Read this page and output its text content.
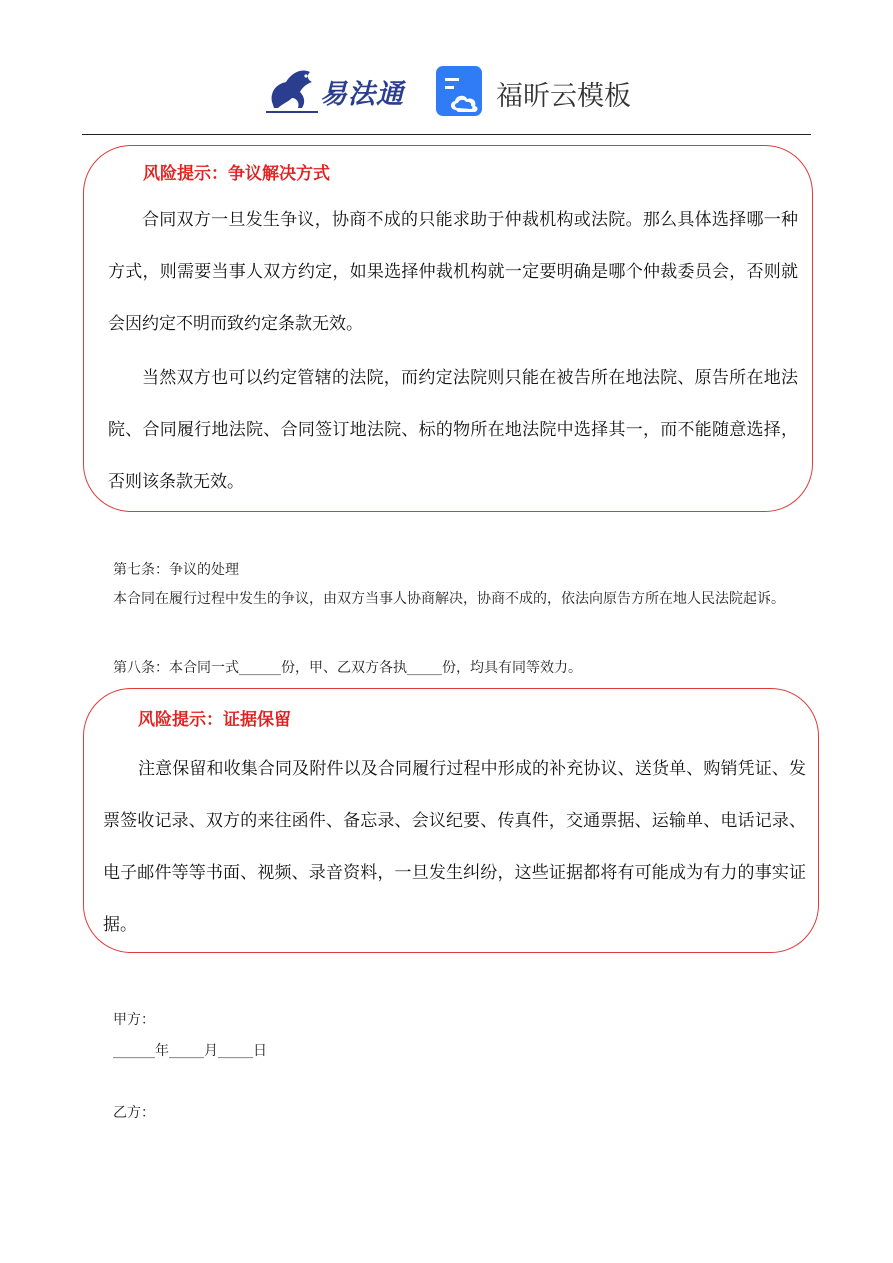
易法通	福昕云模板
风险提示：争议解决方式

合同双方一旦发生争议，协商不成的只能求助于仲裁机构或法院。那么具体选择哪一种方式，则需要当事人双方约定，如果选择仲裁机构就一定要明确是哪个仲裁委员会，否则就会因约定不明而致约定条款无效。

当然双方也可以约定管辖的法院，而约定法院则只能在被告所在地法院、原告所在地法院、合同履行地法院、合同签订地法院、标的物所在地法院中选择其一，而不能随意选择，否则该条款无效。

第七条：争议的处理

本合同在履行过程中发生的争议，由双方当事人协商解决，协商不成的，依法向原告方所在地人民法院起诉。

第八条：本合同一式______份，甲、乙双方各执_____份，均具有同等效力。

风险提示：证据保留

注意保留和收集合同及附件以及合同履行过程中形成的补充协议、送货单、购销凭证、发票签收记录、双方的来往函件、备忘录、会议纪要、传真件，交通票据、运输单、电话记录、电子邮件等等书面、视频、录音资料，一旦发生纠纷，这些证据都将有可能成为有力的事实证据。

甲方：

______年_____月_____日

乙方：
